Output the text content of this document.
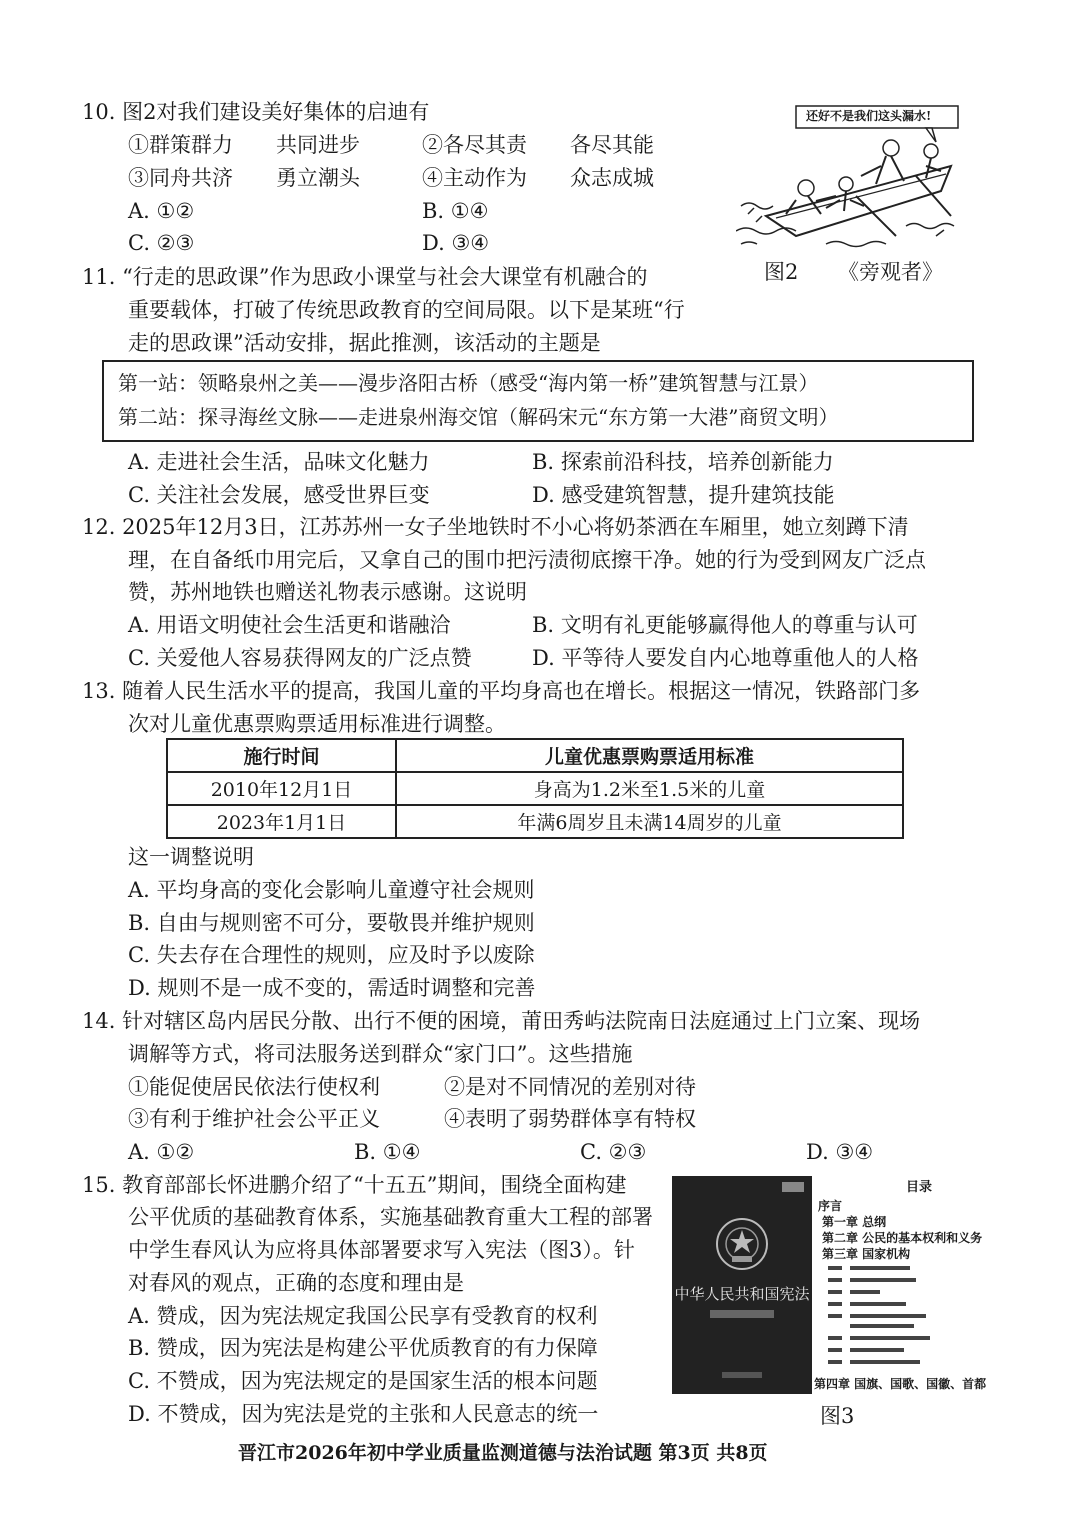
10. 图2对我们建设美好集体的启迪有
①群策群力 共同进步	②各尽其责 各尽其能
③同舟共济 勇立潮头	④主动作为 众志成城
A. ①②	B. ①④
C. ②③	D. ③④
还好不是我们这头漏水!
图2 《旁观者》
11. “行走的思政课”作为思政小课堂与社会大课堂有机融合的
重要载体，打破了传统思政教育的空间局限。以下是某班“行
走的思政课”活动安排，据此推测，该活动的主题是
第一站：领略泉州之美——漫步洛阳古桥（感受“海内第一桥”建筑智慧与江景）
第二站：探寻海丝文脉——走进泉州海交馆（解码宋元“东方第一大港”商贸文明）
A. 走进社会生活，品味文化魅力	B. 探索前沿科技，培养创新能力
C. 关注社会发展，感受世界巨变	D. 感受建筑智慧，提升建筑技能
12. 2025年12月3日，江苏苏州一女子坐地铁时不小心将奶茶洒在车厢里，她立刻蹲下清
理，在自备纸巾用完后，又拿自己的围巾把污渍彻底擦干净。她的行为受到网友广泛点
赞，苏州地铁也赠送礼物表示感谢。这说明
A. 用语文明使社会生活更和谐融洽	B. 文明有礼更能够赢得他人的尊重与认可
C. 关爱他人容易获得网友的广泛点赞	D. 平等待人要发自内心地尊重他人的人格
13. 随着人民生活水平的提高，我国儿童的平均身高也在增长。根据这一情况，铁路部门多
次对儿童优惠票购票适用标准进行调整。
施行时间	儿童优惠票购票适用标准
2010年12月1日	身高为1.2米至1.5米的儿童
2023年1月1日	年满6周岁且未满14周岁的儿童
这一调整说明
A. 平均身高的变化会影响儿童遵守社会规则
B. 自由与规则密不可分，要敬畏并维护规则
C. 失去存在合理性的规则，应及时予以废除
D. 规则不是一成不变的，需适时调整和完善
14. 针对辖区岛内居民分散、出行不便的困境，莆田秀屿法院南日法庭通过上门立案、现场
调解等方式，将司法服务送到群众“家门口”。这些措施
①能促使居民依法行使权利	②是对不同情况的差别对待
③有利于维护社会公平正义	④表明了弱势群体享有特权
A. ①②	B. ①④	C. ②③	D. ③④
15. 教育部部长怀进鹏介绍了“十五五”期间，围绕全面构建
公平优质的基础教育体系，实施基础教育重大工程的部署
中学生春风认为应将具体部署要求写入宪法（图3）。针
对春风的观点，正确的态度和理由是
A. 赞成，因为宪法规定我国公民享有受教育的权利
B. 赞成，因为宪法是构建公平优质教育的有力保障
C. 不赞成，因为宪法规定的是国家生活的根本问题
D. 不赞成，因为宪法是党的主张和人民意志的统一
中华人民共和国宪法
目录
序言
第一章 总纲
第二章 公民的基本权利和义务
第三章 国家机构
第四章 国旗、国歌、国徽、首都
图3
晋江市2026年初中学业质量监测道德与法治试题 第3页 共8页
